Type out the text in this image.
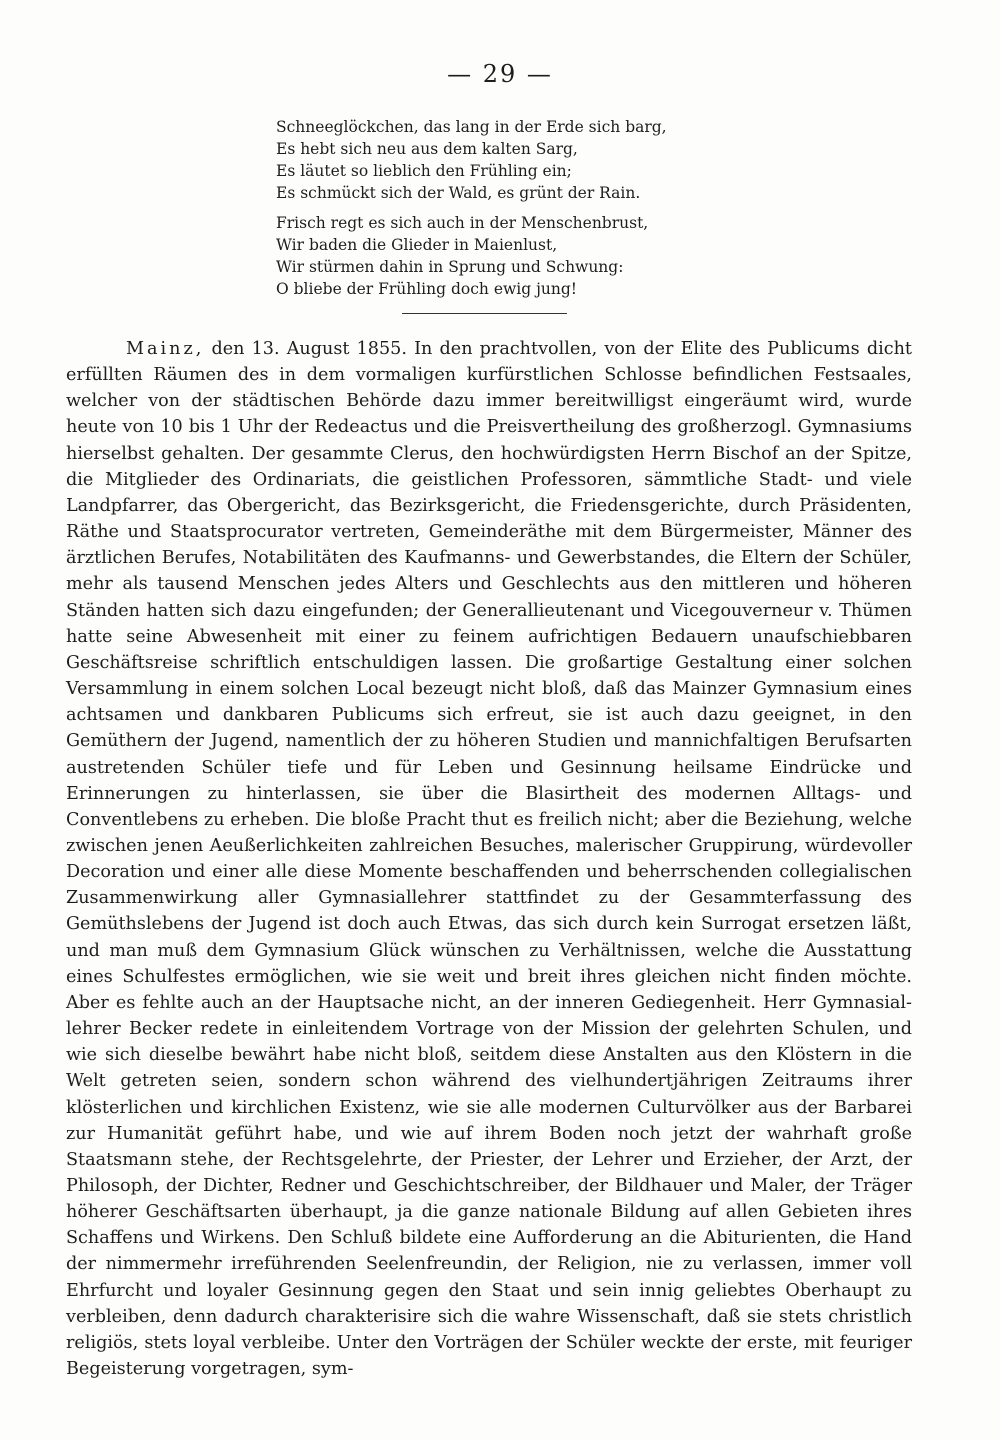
— 29 —
Schneeglöckchen, das lang in der Erde sich barg,
Es hebt sich neu aus dem kalten Sarg,
Es läutet so lieblich den Frühling ein;
Es schmückt sich der Wald, es grünt der Rain.
Frisch regt es sich auch in der Menschenbrust,
Wir baden die Glieder in Maienlust,
Wir stürmen dahin in Sprung und Schwung:
O bliebe der Frühling doch ewig jung!

Mainz, den 13. August 1855. In den prachtvollen, von der Elite des Publicums dicht erfüllten Räumen des in dem vormaligen kurfürstlichen Schlosse befindlichen Festsaales, welcher von der städtischen Behörde dazu immer bereitwilligst eingeräumt wird, wurde heute von 10 bis 1 Uhr der Redeactus und die Preisvertheilung des großherzogl. Gymnasiums hierselbst gehalten. Der gesammte Clerus, den hochwürdigsten Herrn Bischof an der Spitze, die Mitglieder des Ordinariats, die geistlichen Professoren, sämmtliche Stadt- und viele Landpfarrer, das Obergericht, das Bezirksgericht, die Friedensgerichte, durch Präsidenten, Räthe und Staatsprocurator vertreten, Gemeinderäthe mit dem Bürgermeister, Männer des ärztlichen Berufes, Notabilitäten des Kaufmanns- und Gewerbstandes, die Eltern der Schüler, mehr als tausend Menschen jedes Alters und Geschlechts aus den mittleren und höheren Ständen hatten sich dazu eingefunden; der Generallieutenant und Vicegouverneur v. Thümen hatte seine Abwesenheit mit einer zu feinem aufrichtigen Bedauern unaufschiebbaren Geschäftsreise schriftlich entschuldigen lassen. Die großartige Gestaltung einer solchen Versammlung in einem solchen Local bezeugt nicht bloß, daß das Mainzer Gymnasium eines achtsamen und dankbaren Publicums sich erfreut, sie ist auch dazu geeignet, in den Gemüthern der Jugend, namentlich der zu höheren Studien und mannichfaltigen Berufsarten austretenden Schüler tiefe und für Leben und Gesinnung heilsame Eindrücke und Erinnerungen zu hinterlassen, sie über die Blasirtheit des modernen Alltags- und Conventlebens zu erheben. Die bloße Pracht thut es freilich nicht; aber die Beziehung, welche zwischen jenen Aeußerlichkeiten zahlreichen Besuches, malerischer Gruppirung, würdevoller Decoration und einer alle diese Momente beschaffenden und beherrschenden collegialischen Zusammenwirkung aller Gymnasiallehrer stattfindet zu der Gesammterfassung des Gemüthslebens der Jugend ist doch auch Etwas, das sich durch kein Surrogat ersetzen läßt, und man muß dem Gymnasium Glück wünschen zu Verhältnissen, welche die Ausstattung eines Schulfestes ermöglichen, wie sie weit und breit ihres gleichen nicht finden möchte. Aber es fehlte auch an der Hauptsache nicht, an der inneren Gediegenheit. Herr Gymnasiallehrer Becker redete in einleitendem Vortrage von der Mission der gelehrten Schulen, und wie sich dieselbe bewährt habe nicht bloß, seitdem diese Anstalten aus den Klöstern in die Welt getreten seien, sondern schon während des vielhundertjährigen Zeitraums ihrer klösterlichen und kirchlichen Existenz, wie sie alle modernen Culturvölker aus der Barbarei zur Humanität geführt habe, und wie auf ihrem Boden noch jetzt der wahrhaft große Staatsmann stehe, der Rechtsgelehrte, der Priester, der Lehrer und Erzieher, der Arzt, der Philosoph, der Dichter, Redner und Geschichtschreiber, der Bildhauer und Maler, der Träger höherer Geschäftsarten überhaupt, ja die ganze nationale Bildung auf allen Gebieten ihres Schaffens und Wirkens. Den Schluß bildete eine Aufforderung an die Abiturienten, die Hand der nimmermehr irreführenden Seelenfreundin, der Religion, nie zu verlassen, immer voll Ehrfurcht und loyaler Gesinnung gegen den Staat und sein innig geliebtes Oberhaupt zu verbleiben, denn dadurch charakterisire sich die wahre Wissenschaft, daß sie stets christlich religiös, stets loyal verbleibe. Unter den Vorträgen der Schüler weckte der erste, mit feuriger Begeisterung vorgetragen, sym-
